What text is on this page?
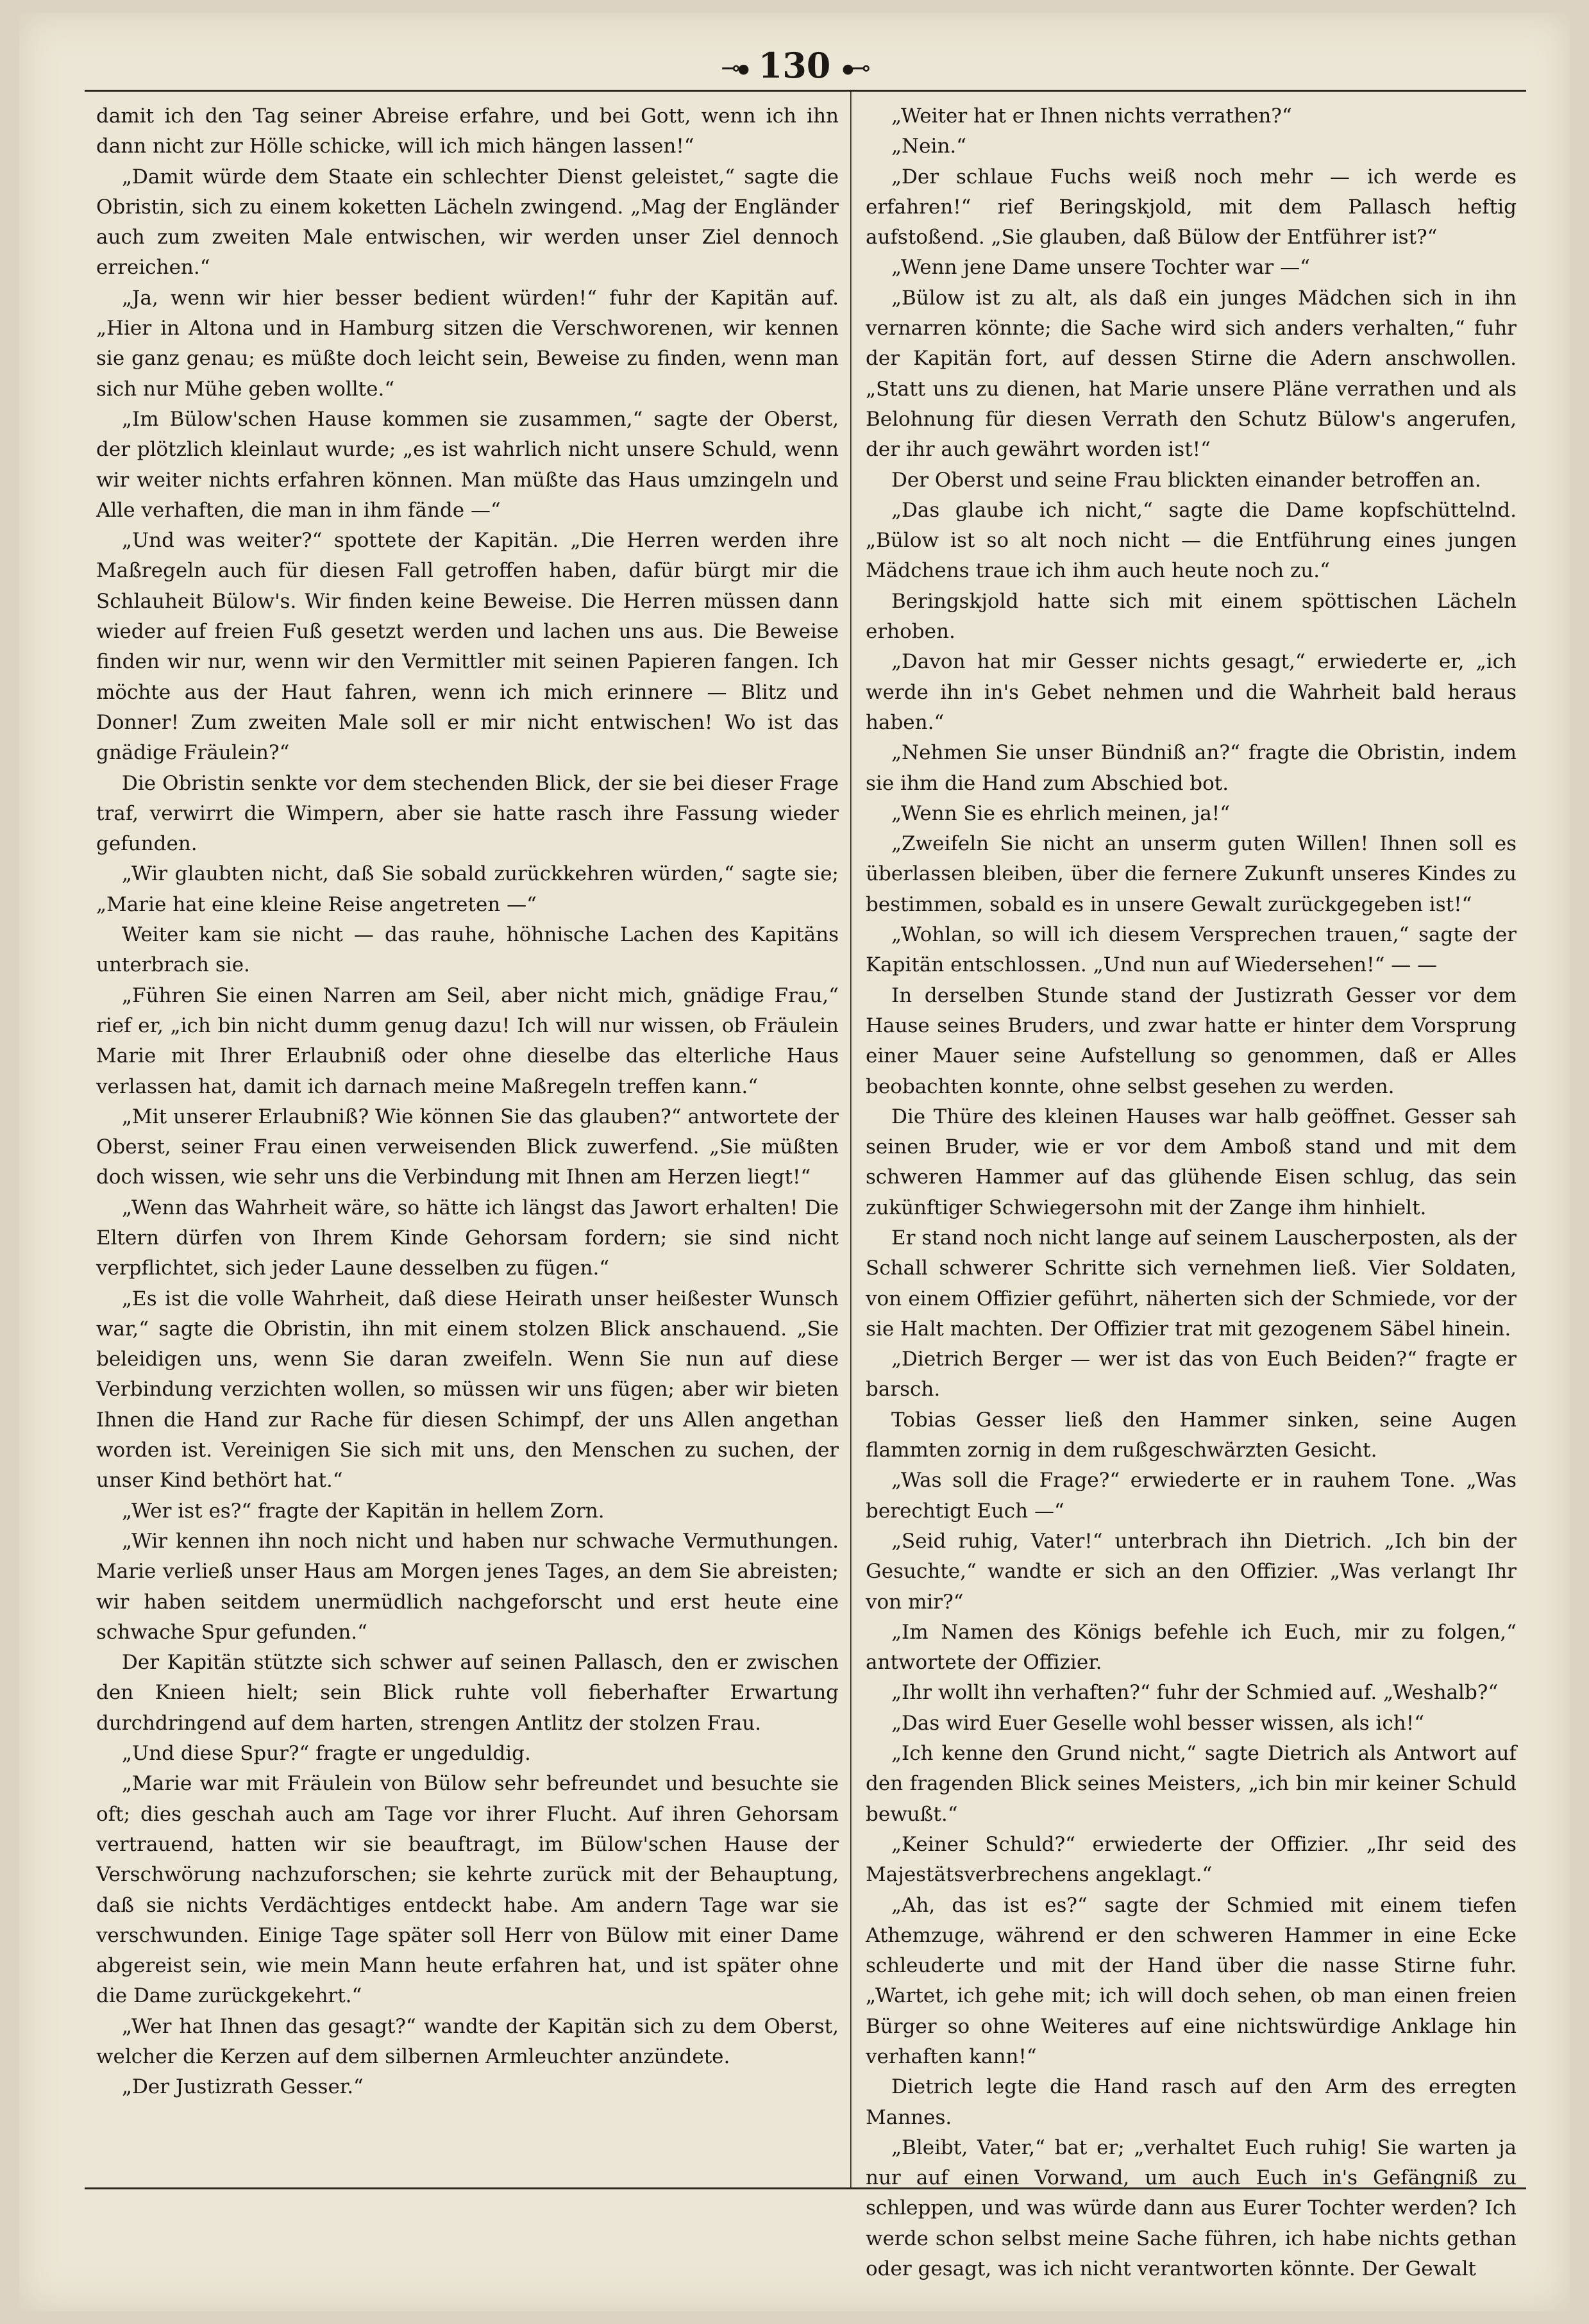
⊸⦁ 130 ⦁⊸

damit ich den Tag seiner Abreise erfahre, und bei Gott, wenn ich ihn dann nicht zur Hölle schicke, will ich mich hängen lassen!“

„Damit würde dem Staate ein schlechter Dienst geleistet,“ sagte die Obristin, sich zu einem koketten Lächeln zwingend. „Mag der Engländer auch zum zweiten Male entwischen, wir werden unser Ziel dennoch erreichen.“

„Ja, wenn wir hier besser bedient würden!“ fuhr der Kapitän auf. „Hier in Altona und in Hamburg sitzen die Verschworenen, wir kennen sie ganz genau; es müßte doch leicht sein, Beweise zu finden, wenn man sich nur Mühe geben wollte.“

„Im Bülow'schen Hause kommen sie zusammen,“ sagte der Oberst, der plötzlich kleinlaut wurde; „es ist wahrlich nicht unsere Schuld, wenn wir weiter nichts erfahren können. Man müßte das Haus umzingeln und Alle verhaften, die man in ihm fände —“

„Und was weiter?“ spottete der Kapitän. „Die Herren werden ihre Maßregeln auch für diesen Fall getroffen haben, dafür bürgt mir die Schlauheit Bülow's. Wir finden keine Beweise. Die Herren müssen dann wieder auf freien Fuß gesetzt werden und lachen uns aus. Die Beweise finden wir nur, wenn wir den Vermittler mit seinen Papieren fangen. Ich möchte aus der Haut fahren, wenn ich mich erinnere — Blitz und Donner! Zum zweiten Male soll er mir nicht entwischen! Wo ist das gnädige Fräulein?“

Die Obristin senkte vor dem stechenden Blick, der sie bei dieser Frage traf, verwirrt die Wimpern, aber sie hatte rasch ihre Fassung wieder gefunden.

„Wir glaubten nicht, daß Sie sobald zurückkehren würden,“ sagte sie; „Marie hat eine kleine Reise angetreten —“

Weiter kam sie nicht — das rauhe, höhnische Lachen des Kapitäns unterbrach sie.

„Führen Sie einen Narren am Seil, aber nicht mich, gnädige Frau,“ rief er, „ich bin nicht dumm genug dazu! Ich will nur wissen, ob Fräulein Marie mit Ihrer Erlaubniß oder ohne dieselbe das elterliche Haus verlassen hat, damit ich darnach meine Maßregeln treffen kann.“

„Mit unserer Erlaubniß? Wie können Sie das glauben?“ antwortete der Oberst, seiner Frau einen verweisenden Blick zuwerfend. „Sie müßten doch wissen, wie sehr uns die Verbindung mit Ihnen am Herzen liegt!“

„Wenn das Wahrheit wäre, so hätte ich längst das Jawort erhalten! Die Eltern dürfen von Ihrem Kinde Gehorsam fordern; sie sind nicht verpflichtet, sich jeder Laune desselben zu fügen.“

„Es ist die volle Wahrheit, daß diese Heirath unser heißester Wunsch war,“ sagte die Obristin, ihn mit einem stolzen Blick anschauend. „Sie beleidigen uns, wenn Sie daran zweifeln. Wenn Sie nun auf diese Verbindung verzichten wollen, so müssen wir uns fügen; aber wir bieten Ihnen die Hand zur Rache für diesen Schimpf, der uns Allen angethan worden ist. Vereinigen Sie sich mit uns, den Menschen zu suchen, der unser Kind bethört hat.“

„Wer ist es?“ fragte der Kapitän in hellem Zorn.

„Wir kennen ihn noch nicht und haben nur schwache Vermuthungen. Marie verließ unser Haus am Morgen jenes Tages, an dem Sie abreisten; wir haben seitdem unermüdlich nachgeforscht und erst heute eine schwache Spur gefunden.“

Der Kapitän stützte sich schwer auf seinen Pallasch, den er zwischen den Knieen hielt; sein Blick ruhte voll fieberhafter Erwartung durchdringend auf dem harten, strengen Antlitz der stolzen Frau.

„Und diese Spur?“ fragte er ungeduldig.

„Marie war mit Fräulein von Bülow sehr befreundet und besuchte sie oft; dies geschah auch am Tage vor ihrer Flucht. Auf ihren Gehorsam vertrauend, hatten wir sie beauftragt, im Bülow'schen Hause der Verschwörung nachzuforschen; sie kehrte zurück mit der Behauptung, daß sie nichts Verdächtiges entdeckt habe. Am andern Tage war sie verschwunden. Einige Tage später soll Herr von Bülow mit einer Dame abgereist sein, wie mein Mann heute erfahren hat, und ist später ohne die Dame zurückgekehrt.“

„Wer hat Ihnen das gesagt?“ wandte der Kapitän sich zu dem Oberst, welcher die Kerzen auf dem silbernen Armleuchter anzündete.

„Der Justizrath Gesser.“

„Weiter hat er Ihnen nichts verrathen?“

„Nein.“

„Der schlaue Fuchs weiß noch mehr — ich werde es erfahren!“ rief Beringskjold, mit dem Pallasch heftig aufstoßend. „Sie glauben, daß Bülow der Entführer ist?“

„Wenn jene Dame unsere Tochter war —“

„Bülow ist zu alt, als daß ein junges Mädchen sich in ihn vernarren könnte; die Sache wird sich anders verhalten,“ fuhr der Kapitän fort, auf dessen Stirne die Adern anschwollen. „Statt uns zu dienen, hat Marie unsere Pläne verrathen und als Belohnung für diesen Verrath den Schutz Bülow's angerufen, der ihr auch gewährt worden ist!“

Der Oberst und seine Frau blickten einander betroffen an.

„Das glaube ich nicht,“ sagte die Dame kopfschüttelnd. „Bülow ist so alt noch nicht — die Entführung eines jungen Mädchens traue ich ihm auch heute noch zu.“

Beringskjold hatte sich mit einem spöttischen Lächeln erhoben.

„Davon hat mir Gesser nichts gesagt,“ erwiederte er, „ich werde ihn in's Gebet nehmen und die Wahrheit bald heraus haben.“

„Nehmen Sie unser Bündniß an?“ fragte die Obristin, indem sie ihm die Hand zum Abschied bot.

„Wenn Sie es ehrlich meinen, ja!“

„Zweifeln Sie nicht an unserm guten Willen! Ihnen soll es überlassen bleiben, über die fernere Zukunft unseres Kindes zu bestimmen, sobald es in unsere Gewalt zurückgegeben ist!“

„Wohlan, so will ich diesem Versprechen trauen,“ sagte der Kapitän entschlossen. „Und nun auf Wiedersehen!“ — —

In derselben Stunde stand der Justizrath Gesser vor dem Hause seines Bruders, und zwar hatte er hinter dem Vorsprung einer Mauer seine Aufstellung so genommen, daß er Alles beobachten konnte, ohne selbst gesehen zu werden.

Die Thüre des kleinen Hauses war halb geöffnet. Gesser sah seinen Bruder, wie er vor dem Amboß stand und mit dem schweren Hammer auf das glühende Eisen schlug, das sein zukünftiger Schwiegersohn mit der Zange ihm hinhielt.

Er stand noch nicht lange auf seinem Lauscherposten, als der Schall schwerer Schritte sich vernehmen ließ. Vier Soldaten, von einem Offizier geführt, näherten sich der Schmiede, vor der sie Halt machten. Der Offizier trat mit gezogenem Säbel hinein.

„Dietrich Berger — wer ist das von Euch Beiden?“ fragte er barsch.

Tobias Gesser ließ den Hammer sinken, seine Augen flammten zornig in dem rußgeschwärzten Gesicht.

„Was soll die Frage?“ erwiederte er in rauhem Tone. „Was berechtigt Euch —“

„Seid ruhig, Vater!“ unterbrach ihn Dietrich. „Ich bin der Gesuchte,“ wandte er sich an den Offizier. „Was verlangt Ihr von mir?“

„Im Namen des Königs befehle ich Euch, mir zu folgen,“ antwortete der Offizier.

„Ihr wollt ihn verhaften?“ fuhr der Schmied auf. „Weshalb?“

„Das wird Euer Geselle wohl besser wissen, als ich!“

„Ich kenne den Grund nicht,“ sagte Dietrich als Antwort auf den fragenden Blick seines Meisters, „ich bin mir keiner Schuld bewußt.“

„Keiner Schuld?“ erwiederte der Offizier. „Ihr seid des Majestätsverbrechens angeklagt.“

„Ah, das ist es?“ sagte der Schmied mit einem tiefen Athemzuge, während er den schweren Hammer in eine Ecke schleuderte und mit der Hand über die nasse Stirne fuhr. „Wartet, ich gehe mit; ich will doch sehen, ob man einen freien Bürger so ohne Weiteres auf eine nichtswürdige Anklage hin verhaften kann!“

Dietrich legte die Hand rasch auf den Arm des erregten Mannes.

„Bleibt, Vater,“ bat er; „verhaltet Euch ruhig! Sie warten ja nur auf einen Vorwand, um auch Euch in's Gefängniß zu schleppen, und was würde dann aus Eurer Tochter werden? Ich werde schon selbst meine Sache führen, ich habe nichts gethan oder gesagt, was ich nicht verantworten könnte. Der Gewalt
